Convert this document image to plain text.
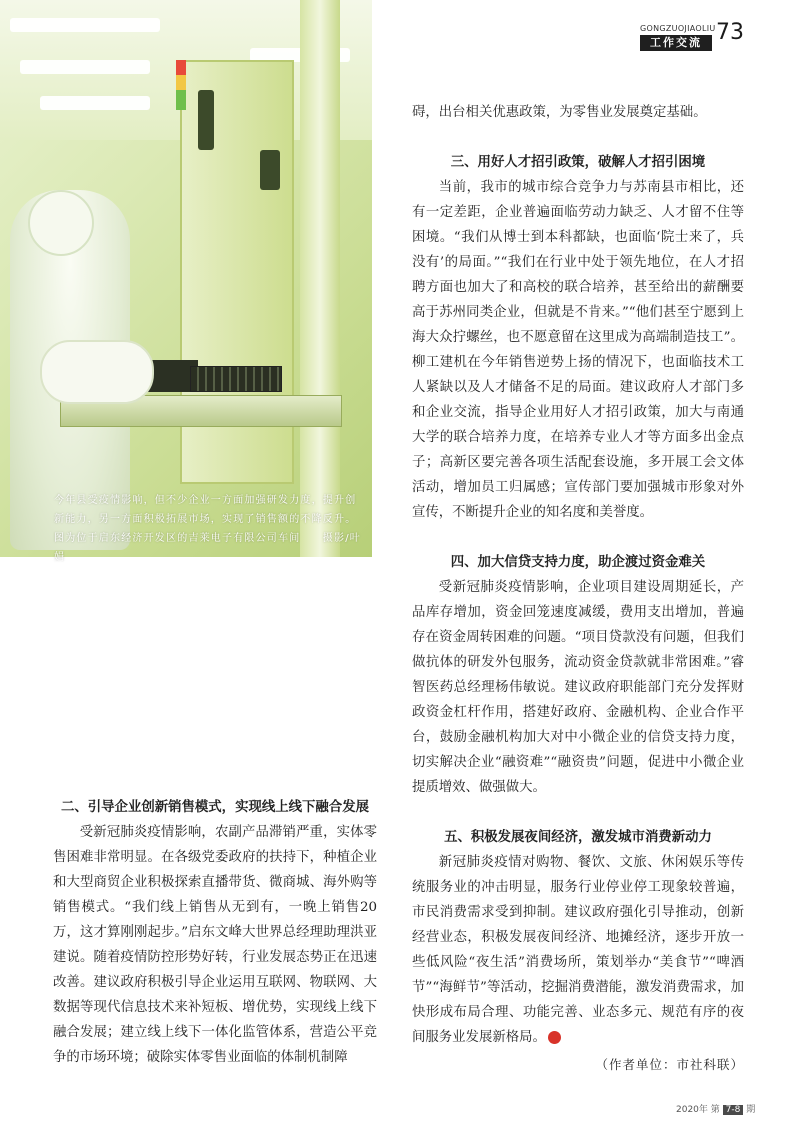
今年县受疫情影响，但不少企业一方面加强研发力度，提升创新能力，另一方面积极拓展市场，实现了销售额的不降反升。图为位于启东经济开发区的吉莱电子有限公司车间　　摄影/叶娟
GONGZUOJIAOLIU
工作交流 73

碍，出台相关优惠政策，为零售业发展奠定基础。

三、用好人才招引政策，破解人才招引困境

当前，我市的城市综合竞争力与苏南县市相比，还有一定差距，企业普遍面临劳动力缺乏、人才留不住等困境。“我们从博士到本科都缺，也面临‘院士来了，兵没有’的局面。”“我们在行业中处于领先地位，在人才招聘方面也加大了和高校的联合培养，甚至给出的薪酬要高于苏州同类企业，但就是不肯来。”“他们甚至宁愿到上海大众拧螺丝，也不愿意留在这里成为高端制造技工”。柳工建机在今年销售逆势上扬的情况下，也面临技术工人紧缺以及人才储备不足的局面。建议政府人才部门多和企业交流，指导企业用好人才招引政策，加大与南通大学的联合培养力度，在培养专业人才等方面多出金点子；高新区要完善各项生活配套设施，多开展工会文体活动，增加员工归属感；宣传部门要加强城市形象对外宣传，不断提升企业的知名度和美誉度。

四、加大信贷支持力度，助企渡过资金难关

受新冠肺炎疫情影响，企业项目建设周期延长，产品库存增加，资金回笼速度减缓，费用支出增加，普遍存在资金周转困难的问题。“项目贷款没有问题，但我们做抗体的研发外包服务，流动资金贷款就非常困难。”睿智医药总经理杨伟敏说。建议政府职能部门充分发挥财政资金杠杆作用，搭建好政府、金融机构、企业合作平台，鼓励金融机构加大对中小微企业的信贷支持力度，切实解决企业“融资难”“融资贵”问题，促进中小微企业提质增效、做强做大。

五、积极发展夜间经济，激发城市消费新动力

新冠肺炎疫情对购物、餐饮、文旅、休闲娱乐等传统服务业的冲击明显，服务行业停业停工现象较普遍，市民消费需求受到抑制。建议政府强化引导推动，创新经营业态，积极发展夜间经济、地摊经济，逐步开放一些低风险“夜生活”消费场所，策划举办“美食节”“啤酒节”“海鲜节”等活动，挖掘消费潜能，激发消费需求，加快形成布局合理、功能完善、业态多元、规范有序的夜间服务业发展新格局。	飞

（作者单位：市社科联）

二、引导企业创新销售模式，实现线上线下融合发展

受新冠肺炎疫情影响，农副产品滞销严重，实体零售困难非常明显。在各级党委政府的扶持下，种植企业和大型商贸企业积极探索直播带货、微商城、海外购等销售模式。“我们线上销售从无到有，一晚上销售20万，这才算刚刚起步。”启东文峰大世界总经理助理洪亚建说。随着疫情防控形势好转，行业发展态势正在迅速改善。建议政府积极引导企业运用互联网、物联网、大数据等现代信息技术来补短板、增优势，实现线上线下融合发展；建立线上线下一体化监管体系，营造公平竞争的市场环境；破除实体零售业面临的体制机制障

2020年 第 7-8 期
